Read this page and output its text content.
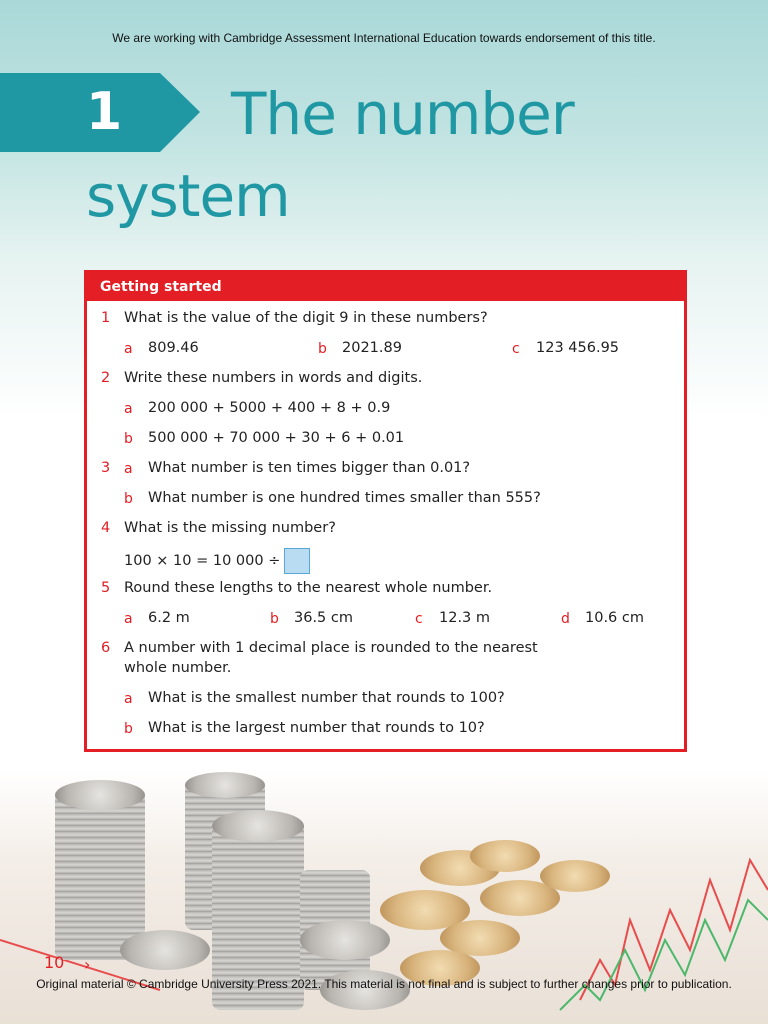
We are working with Cambridge Assessment International Education towards endorsement of this title.
1 The number
system
Getting started
1 What is the value of the digit 9 in these numbers?
a 809.46	b 2021.89	c 123 456.95
2 Write these numbers in words and digits.
a 200 000 + 5000 + 400 + 8 + 0.9
b 500 000 + 70 000 + 30 + 6 + 0.01
3 a What number is ten times bigger than 0.01?
b What number is one hundred times smaller than 555?
4 What is the missing number?
100 × 10 = 10 000 ÷
5 Round these lengths to the nearest whole number.
a 6.2 m	b 36.5 cm	c 12.3 m	d 10.6 cm
6 A number with 1 decimal place is rounded to the nearest
whole number.
a What is the smallest number that rounds to 100?
b What is the largest number that rounds to 10?
10 ›
Original material © Cambridge University Press 2021. This material is not final and is subject to further changes prior to publication.
